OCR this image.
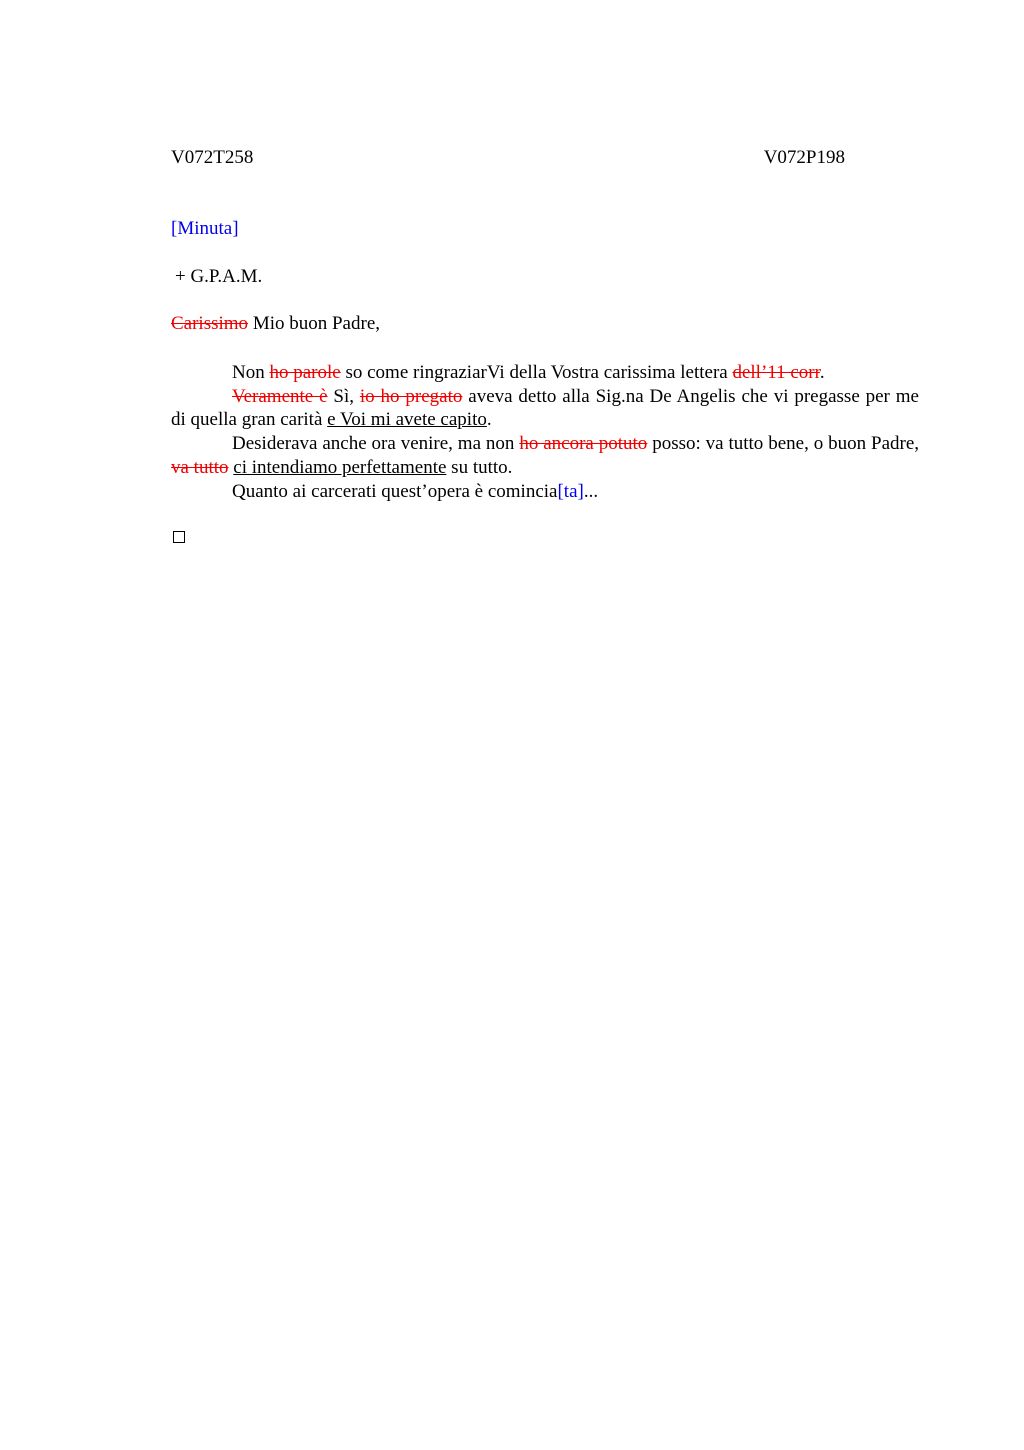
V072T258	V072P198
[Minuta]
+ G.P.A.M.
Carissimo Mio buon Padre,

Non ho parole so come ringraziarVi della Vostra carissima lettera dell’11 corr.

Veramente è Sì, io ho pregato aveva detto alla Sig.na De Angelis che vi pregasse per me di quella gran carità e Voi mi avete capito.

Desiderava anche ora venire, ma non ho ancora potuto posso: va tutto bene, o buon Padre, va tutto ci intendiamo perfettamente su tutto.

Quanto ai carcerati quest’opera è comincia[ta]...
